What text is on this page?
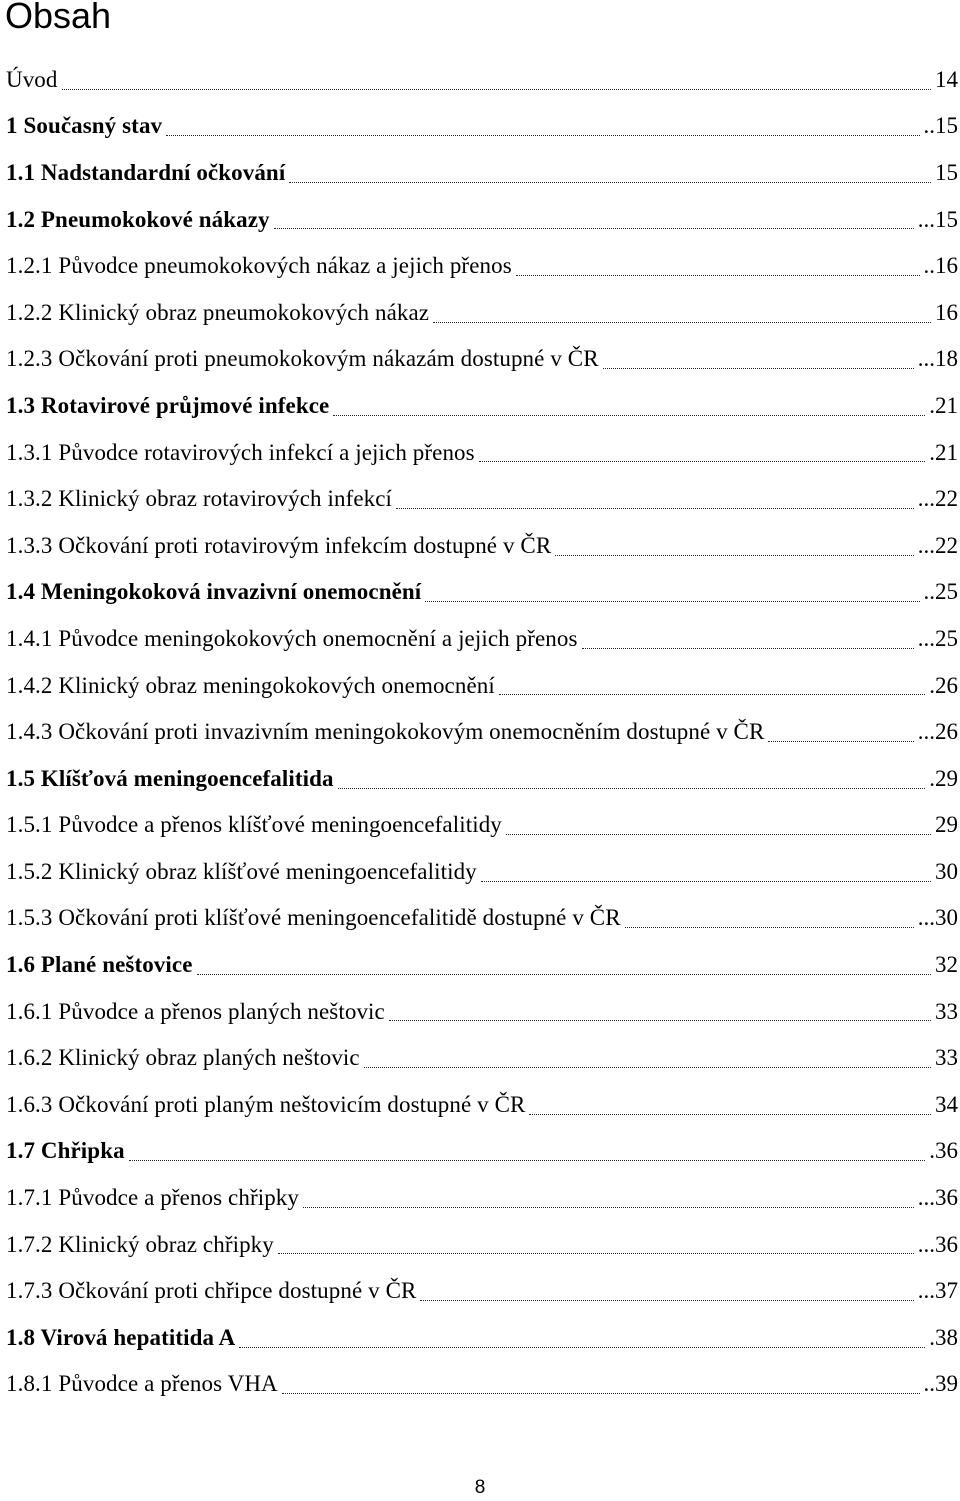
Obsah
Úvod	14
1 Současný stav	..15
1.1 Nadstandardní očkování	15
1.2 Pneumokokové nákazy	...15
1.2.1 Původce pneumokokových nákaz a jejich přenos	..16
1.2.2 Klinický obraz pneumokokových nákaz	16
1.2.3 Očkování proti pneumokokovým nákazám dostupné v ČR	...18
1.3 Rotavirové průjmové infekce	.21
1.3.1 Původce rotavirových infekcí a jejich přenos	.21
1.3.2 Klinický obraz rotavirových infekcí	...22
1.3.3 Očkování proti rotavirovým infekcím dostupné v ČR	...22
1.4 Meningokoková invazivní onemocnění	..25
1.4.1 Původce meningokokových onemocnění a jejich přenos	...25
1.4.2 Klinický obraz meningokokových onemocnění	.26
1.4.3 Očkování proti invazivním meningokokovým onemocněním dostupné v ČR	...26
1.5 Klíšťová meningoencefalitida	.29
1.5.1 Původce a přenos klíšťové meningoencefalitidy	29
1.5.2 Klinický obraz klíšťové meningoencefalitidy	30
1.5.3 Očkování proti klíšťové meningoencefalitidě dostupné v ČR	...30
1.6 Plané neštovice	32
1.6.1 Původce a přenos planých neštovic	33
1.6.2 Klinický obraz planých neštovic	33
1.6.3 Očkování proti planým neštovicím dostupné v ČR	34
1.7 Chřipka	.36
1.7.1 Původce a přenos chřipky	...36
1.7.2 Klinický obraz chřipky	...36
1.7.3 Očkování proti chřipce dostupné v ČR	...37
1.8 Virová hepatitida A	.38
1.8.1 Původce a přenos VHA	..39
8
